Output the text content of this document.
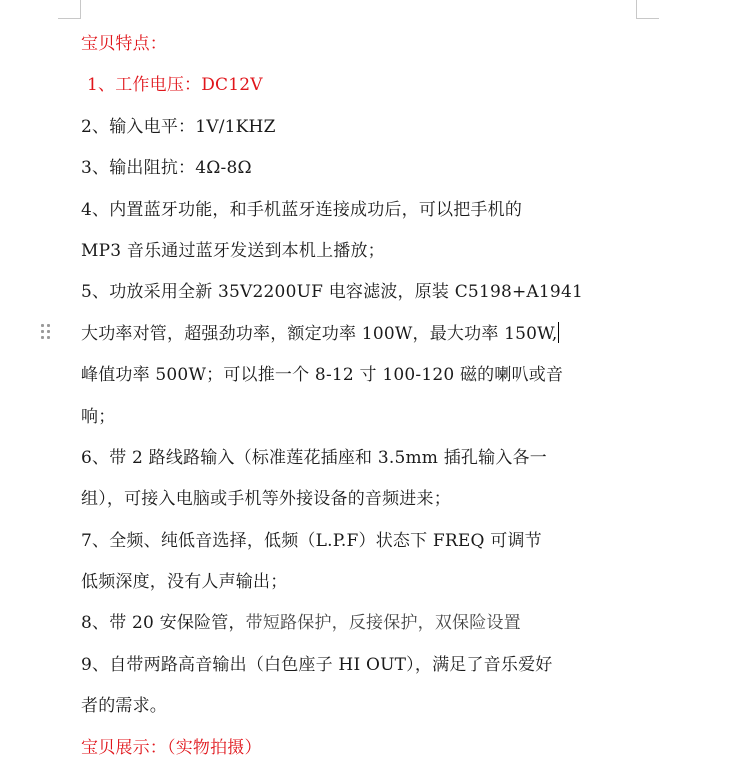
宝贝特点：
1、工作电压：DC12V
2、输入电平：1V/1KHZ
3、输出阻抗：4Ω-8Ω
4、内置蓝牙功能，和手机蓝牙连接成功后，可以把手机的
MP3 音乐通过蓝牙发送到本机上播放；
5、功放采用全新 35V2200UF 电容滤波，原装 C5198+A1941
大功率对管，超强劲功率，额定功率 100W，最大功率 150W,
峰值功率 500W；可以推一个 8-12 寸 100-120 磁的喇叭或音
响；
6、带 2 路线路输入（标准莲花插座和 3.5mm 插孔输入各一
组），可接入电脑或手机等外接设备的音频进来；
7、全频、纯低音选择，低频（L.P.F）状态下 FREQ 可调节
低频深度，没有人声输出；
8、带 20 安保险管，带短路保护，反接保护，双保险设置
9、自带两路高音输出（白色座子 HI OUT），满足了音乐爱好
者的需求。
宝贝展示：（实物拍摄）
